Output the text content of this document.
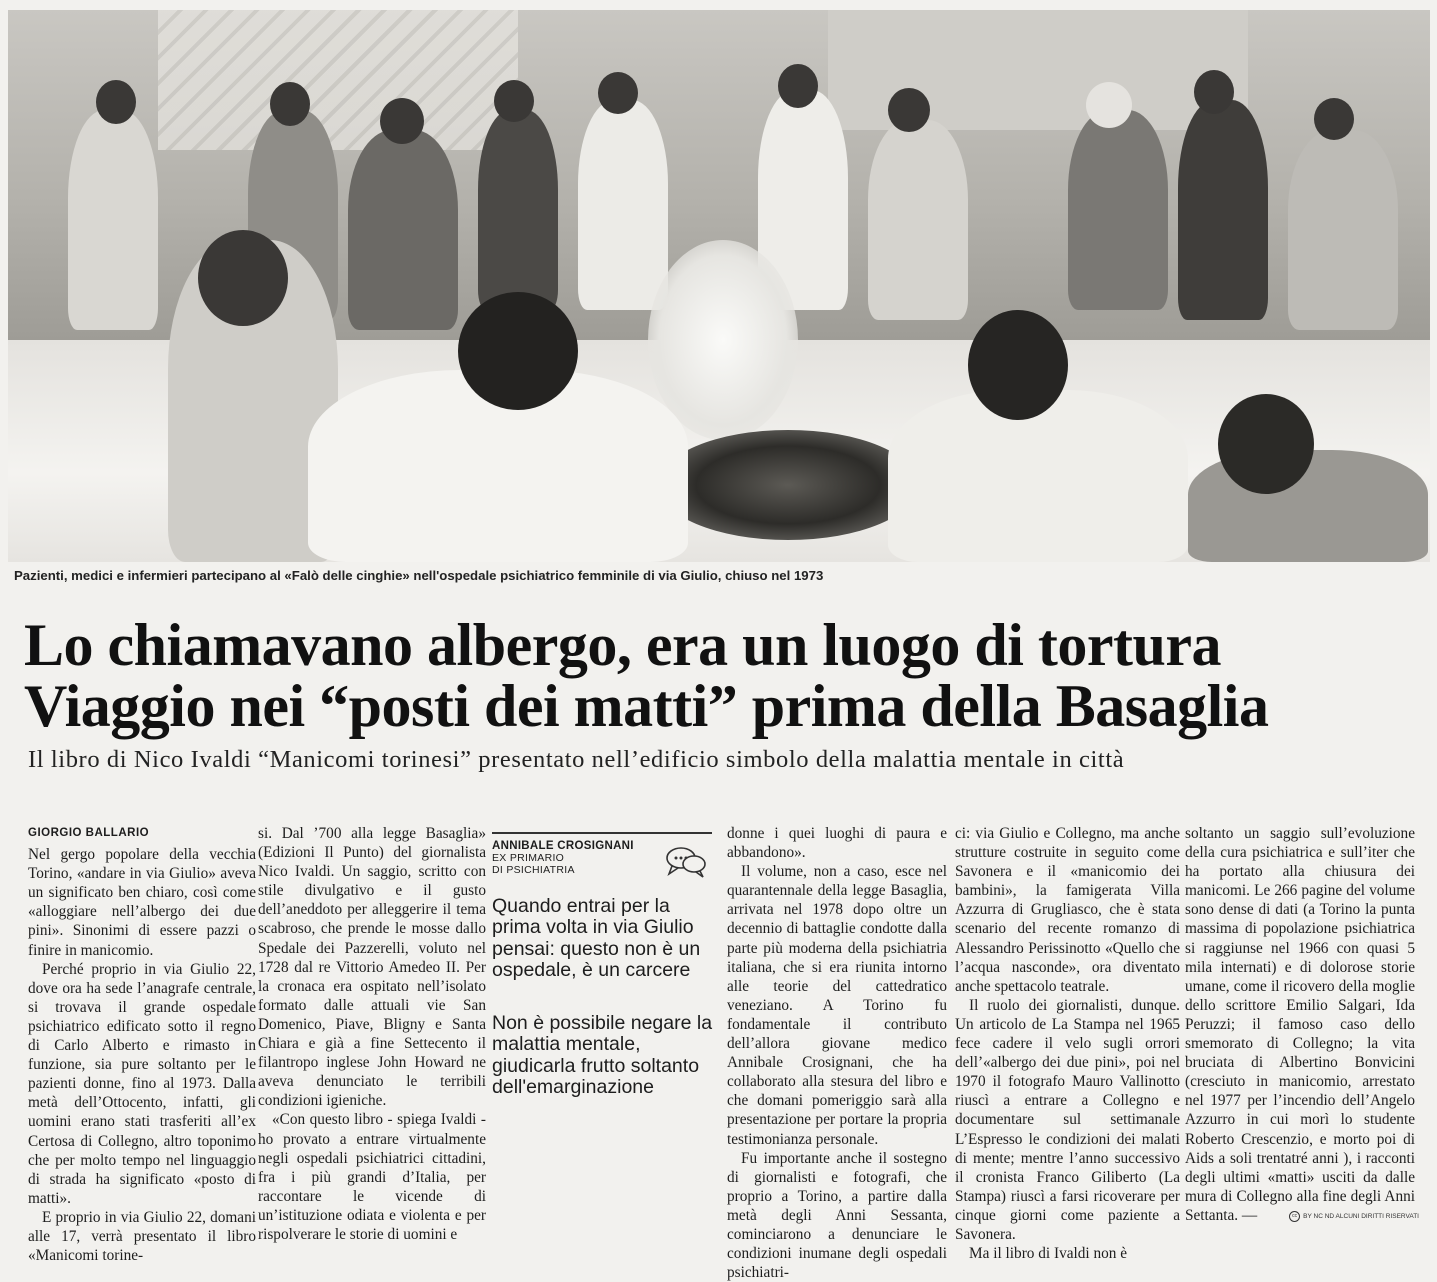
Pazienti, medici e infermieri partecipano al «Falò delle cinghie» nell'ospedale psichiatrico femminile di via Giulio, chiuso nel 1973
Lo chiamavano albergo, era un luogo di tortura
Viaggio nei “posti dei matti” prima della Basaglia
Il libro di Nico Ivaldi “Manicomi torinesi” presentato nell’edificio simbolo della malattia mentale in città
GIORGIO BALLARIO

Nel gergo popolare della vecchia Torino, «andare in via Giulio» aveva un significato ben chiaro, così come «alloggiare nell’albergo dei due pini». Sinonimi di essere pazzi o finire in manicomio.

Perché proprio in via Giulio 22, dove ora ha sede l’anagrafe centrale, si trovava il grande ospedale psichiatrico edificato sotto il regno di Carlo Alberto e rimasto in funzione, sia pure soltanto per le pazienti donne, fino al 1973. Dalla metà dell’Ottocento, infatti, gli uomini erano stati trasferiti all’ex Certosa di Collegno, altro toponimo che per molto tempo nel linguaggio di strada ha significato «posto di matti».

E proprio in via Giulio 22, domani alle 17, verrà presentato il libro «Manicomi torine-

si. Dal ’700 alla legge Basaglia» (Edizioni Il Punto) del giornalista Nico Ivaldi. Un saggio, scritto con stile divulgativo e il gusto dell’aneddoto per alleggerire il tema scabroso, che prende le mosse dallo Spedale dei Pazzerelli, voluto nel 1728 dal re Vittorio Amedeo II. Per la cronaca era ospitato nell’isolato formato dalle attuali vie San Domenico, Piave, Bligny e Santa Chiara e già a fine Settecento il filantropo inglese John Howard ne aveva denunciato le terribili condizioni igieniche.

«Con questo libro - spiega Ivaldi - ho provato a entrare virtualmente negli ospedali psichiatrici cittadini, fra i più grandi d’Italia, per raccontare le vicende di un’istituzione odiata e violenta e per rispolverare le storie di uomini e

ANNIBALE CROSIGNANI
EX PRIMARIO
DI PSICHIATRIA
Quando entrai per la prima volta in via Giulio pensai: questo non è un ospedale, è un carcere
Non è possibile negare la malattia mentale, giudicarla frutto soltanto dell'emarginazione

donne i quei luoghi di paura e abbandono».

Il volume, non a caso, esce nel quarantennale della legge Basaglia, arrivata nel 1978 dopo oltre un decennio di battaglie condotte dalla parte più moderna della psichiatria italiana, che si era riunita intorno alle teorie del cattedratico veneziano. A Torino fu fondamentale il contributo dell’allora giovane medico Annibale Crosignani, che ha collaborato alla stesura del libro e che domani pomeriggio sarà alla presentazione per portare la propria testimonianza personale.

Fu importante anche il sostegno di giornalisti e fotografi, che proprio a Torino, a partire dalla metà degli Anni Sessanta, cominciarono a denunciare le condizioni inumane degli ospedali psichiatri-

ci: via Giulio e Collegno, ma anche strutture costruite in seguito come Savonera e il «manicomio dei bambini», la famigerata Villa Azzurra di Grugliasco, che è stata scenario del recente romanzo di Alessandro Perissinotto «Quello che l’acqua nasconde», ora diventato anche spettacolo teatrale.

Il ruolo dei giornalisti, dunque. Un articolo de La Stampa nel 1965 fece cadere il velo sugli orrori dell’«albergo dei due pini», poi nel 1970 il fotografo Mauro Vallinotto riuscì a entrare a Collegno e documentare sul settimanale L’Espresso le condizioni dei malati di mente; mentre l’anno successivo il cronista Franco Giliberto (La Stampa) riuscì a farsi ricoverare per cinque giorni come paziente a Savonera.

Ma il libro di Ivaldi non è

soltanto un saggio sull’evoluzione della cura psichiatrica e sull’iter che ha portato alla chiusura dei manicomi. Le 266 pagine del volume sono dense di dati (a Torino la punta massima di popolazione psichiatrica si raggiunse nel 1966 con quasi 5 mila internati) e di dolorose storie umane, come il ricovero della moglie dello scrittore Emilio Salgari, Ida Peruzzi; il famoso caso dello smemorato di Collegno; la vita bruciata di Albertino Bonvicini (cresciuto in manicomio, arrestato nel 1977 per l’incendio dell’Angelo Azzurro in cui morì lo studente Roberto Crescenzio, e morto poi di Aids a soli trentatré anni ), i racconti degli ultimi «matti» usciti da dalle mura di Collegno alla fine degli Anni Settanta. —	cc BY NC ND ALCUNI DIRITTI RISERVATI
